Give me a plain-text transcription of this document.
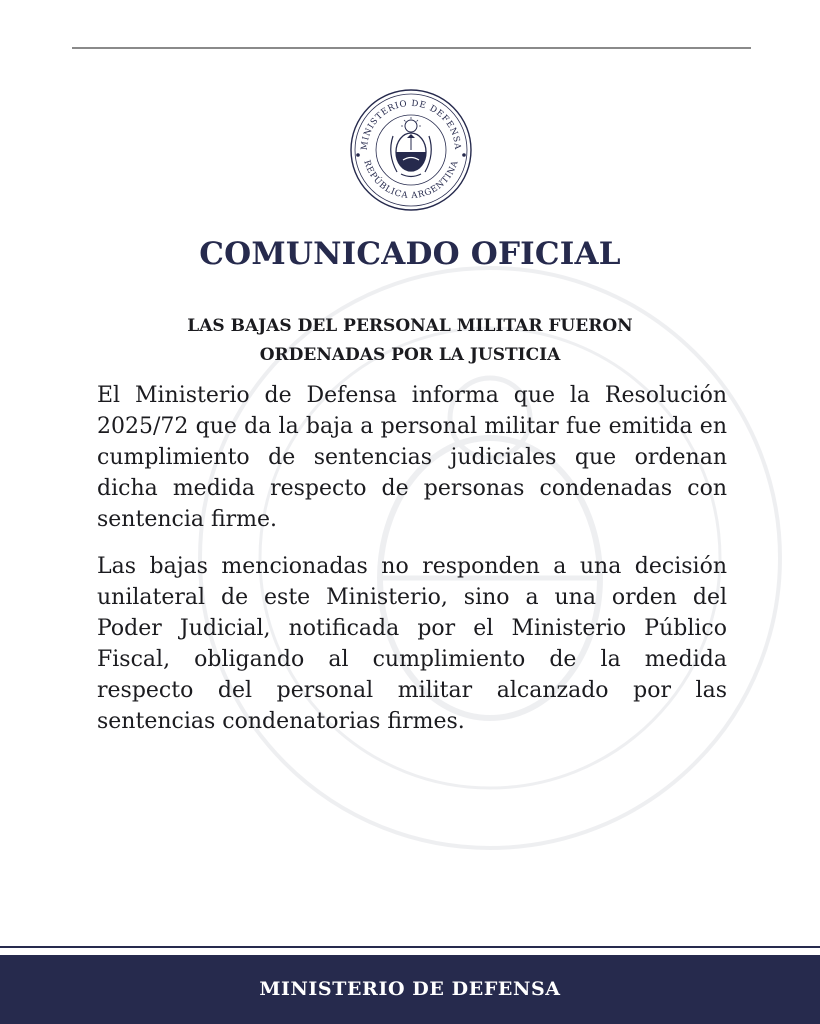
MINISTERIO DE DEFENSA
REPÚBLICA ARGENTINA
COMUNICADO OFICIAL
LAS BAJAS DEL PERSONAL MILITAR FUERON
ORDENADAS POR LA JUSTICIA

El Ministerio de Defensa informa que la Resolución 2025/72 que da la baja a personal militar fue emitida en cumplimiento de sentencias judiciales que ordenan dicha medida respecto de personas condenadas con sentencia firme.

Las bajas mencionadas no responden a una decisión unilateral de este Ministerio, sino a una orden del Poder Judicial, notificada por el Ministerio Público Fiscal, obligando al cumplimiento de la medida respecto del personal militar alcanzado por las sentencias condenatorias firmes.

MINISTERIO DE DEFENSA
